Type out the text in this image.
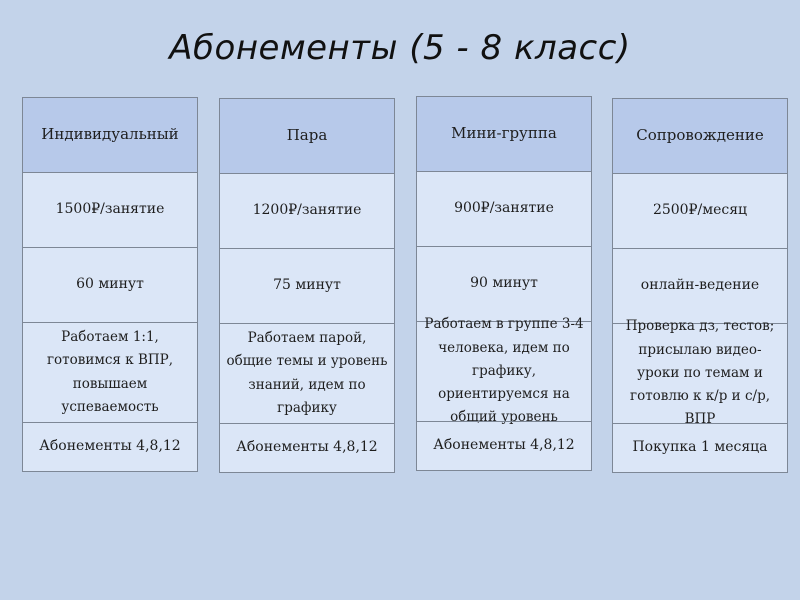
Абонементы (5 - 8 класс)
Индивидуальный
1500₽/занятие
60 минут
Работаем 1:1, готовимся к ВПР, повышаем успеваемость
Абонементы 4,8,12
Пара
1200₽/занятие
75 минут
Работаем парой, общие темы и уровень знаний, идем по графику
Абонементы 4,8,12
Мини-группа
900₽/занятие
90 минут
Работаем в группе 3-4 человека, идем по графику, ориентируемся на общий уровень
Абонементы 4,8,12
Сопровождение
2500₽/месяц
онлайн-ведение
Проверка дз, тестов; присылаю видео-уроки по темам и готовлю к к/р и с/р, ВПР
Покупка 1 месяца
